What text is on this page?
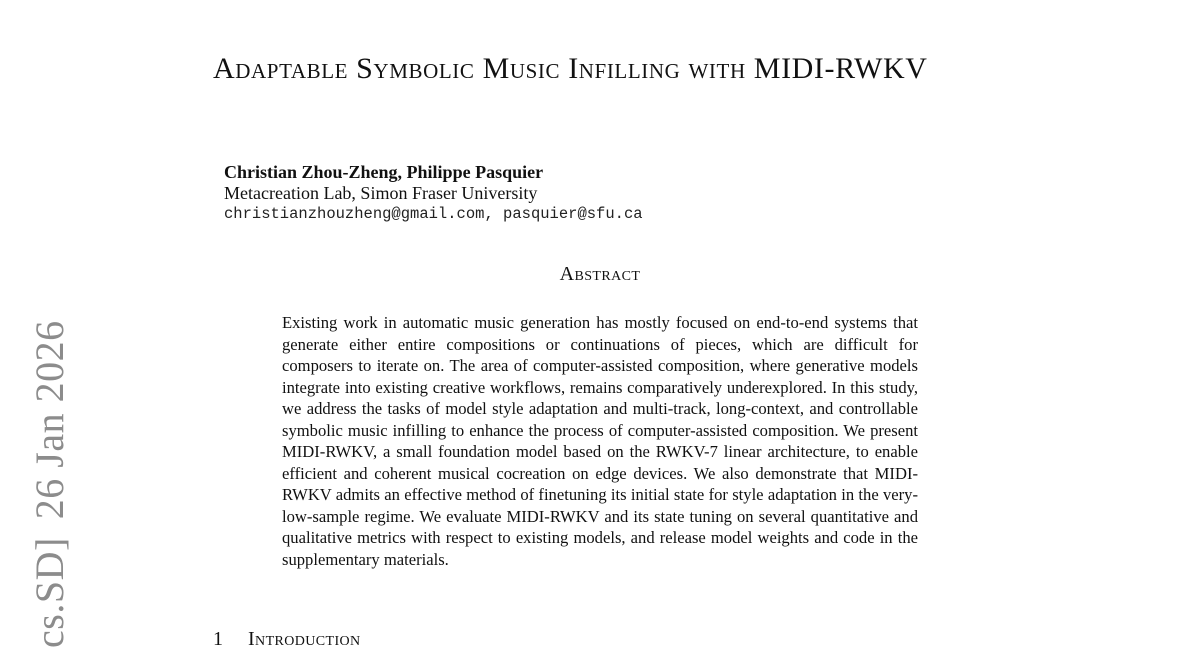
cs.SD]26 Jan 2026
Adaptable Symbolic Music Infilling with MIDI-RWKV
Christian Zhou-Zheng, Philippe Pasquier
Metacreation Lab, Simon Fraser University
christianzhouzheng@gmail.com, pasquier@sfu.ca
Abstract

Existing work in automatic music generation has mostly focused on end-to-end systems that generate either entire compositions or continuations of pieces, which are difficult for composers to iterate on. The area of computer-assisted composition, where generative models integrate into existing creative workflows, remains comparatively underexplored. In this study, we address the tasks of model style adaptation and multi-track, long-context, and controllable symbolic music infilling to enhance the process of computer-assisted composition. We present MIDI-RWKV, a small foundation model based on the RWKV-7 linear architecture, to enable efficient and coherent musical cocreation on edge devices. We also demonstrate that MIDI-RWKV admits an effective method of finetuning its initial state for style adaptation in the very-low-sample regime. We evaluate MIDI-RWKV and its state tuning on several quantitative and qualitative metrics with respect to existing models, and release model weights and code in the supplementary materials.

1 Introduction
